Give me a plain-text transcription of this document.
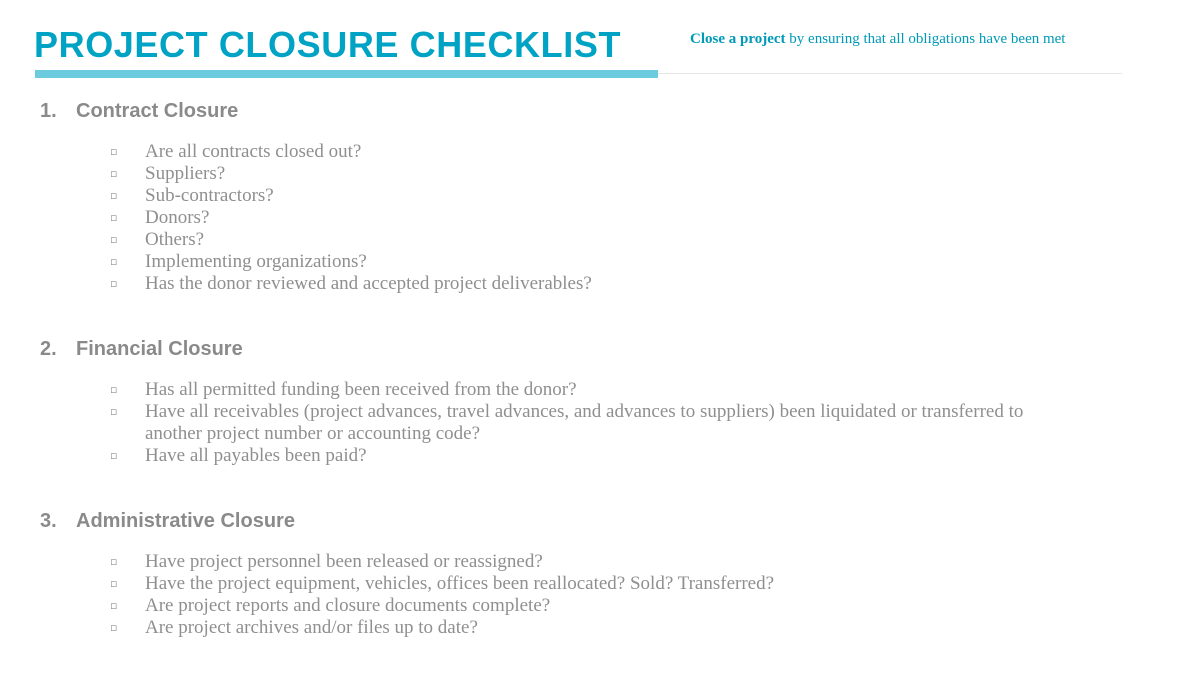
PROJECT CLOSURE CHECKLIST	Close a project by ensuring that all obligations have been met
1. Contract Closure
▫ Are all contracts closed out?
▫ Suppliers?
▫ Sub-contractors?
▫ Donors?
▫ Others?
▫ Implementing organizations?
▫ Has the donor reviewed and accepted project deliverables?
2. Financial Closure
▫ Has all permitted funding been received from the donor?
▫ Have all receivables (project advances, travel advances, and advances to suppliers) been liquidated or transferred to another project number or accounting code?
▫ Have all payables been paid?
3. Administrative Closure
▫ Have project personnel been released or reassigned?
▫ Have the project equipment, vehicles, offices been reallocated? Sold? Transferred?
▫ Are project reports and closure documents complete?
▫ Are project archives and/or files up to date?
